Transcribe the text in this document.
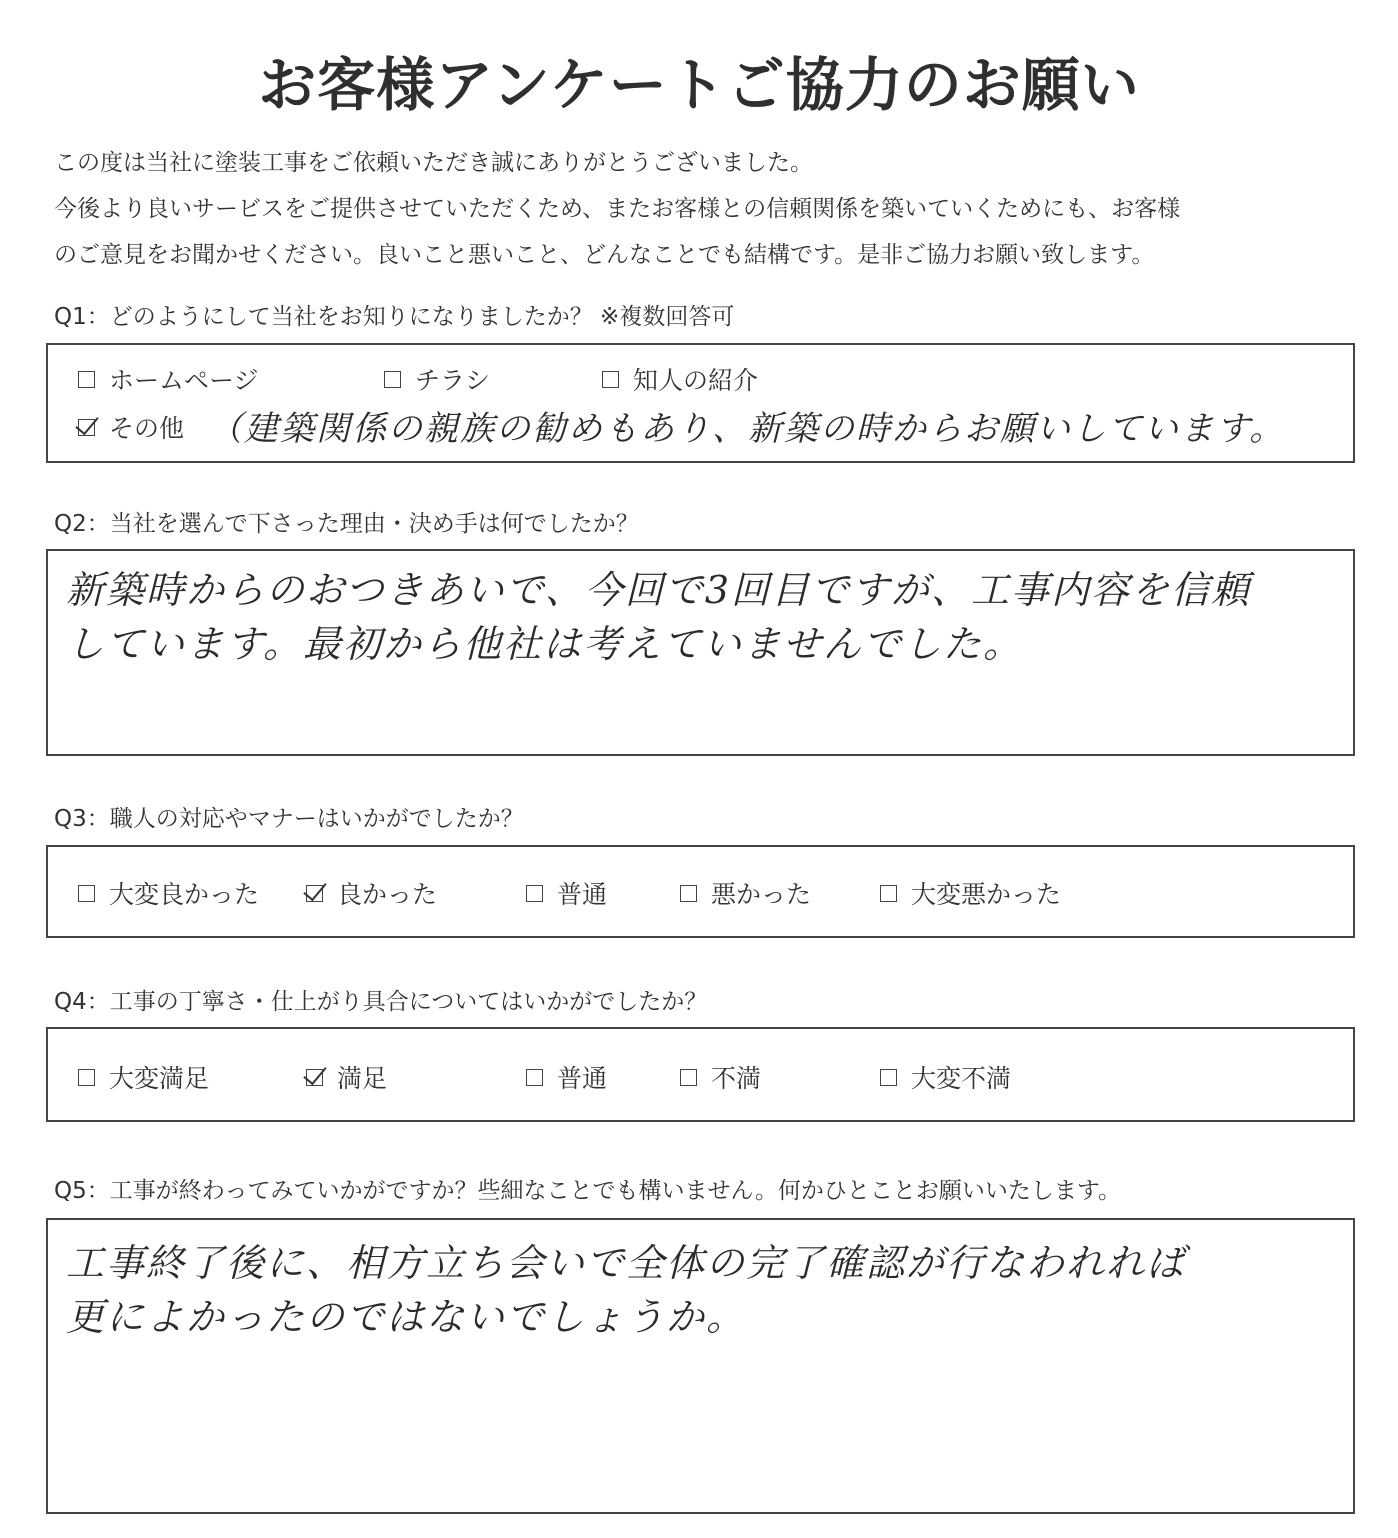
お客様アンケートご協力のお願い
この度は当社に塗装工事をご依頼いただき誠にありがとうございました。
今後より良いサービスをご提供させていただくため、またお客様との信頼関係を築いていくためにも、お客様
のご意見をお聞かせください。良いこと悪いこと、どんなことでも結構です。是非ご協力お願い致します。
Q1：どのようにして当社をお知りになりましたか？ ※複数回答可
ホームページ	チラシ	知人の紹介
その他 （建築関係の親族の勧めもあり、新築の時からお願いしています。
Q2：当社を選んで下さった理由・決め手は何でしたか？
新築時からのおつきあいで、今回で3回目ですが、工事内容を信頼
しています。最初から他社は考えていませんでした。
Q3：職人の対応やマナーはいかがでしたか？
大変良かった	良かった	普通	悪かった	大変悪かった
Q4：工事の丁寧さ・仕上がり具合についてはいかがでしたか？
大変満足	満足	普通	不満	大変不満
Q5：工事が終わってみていかがですか？些細なことでも構いません。何かひとことお願いいたします。
工事終了後に、相方立ち会いで全体の完了確認が行なわれれば
更によかったのではないでしょうか。
